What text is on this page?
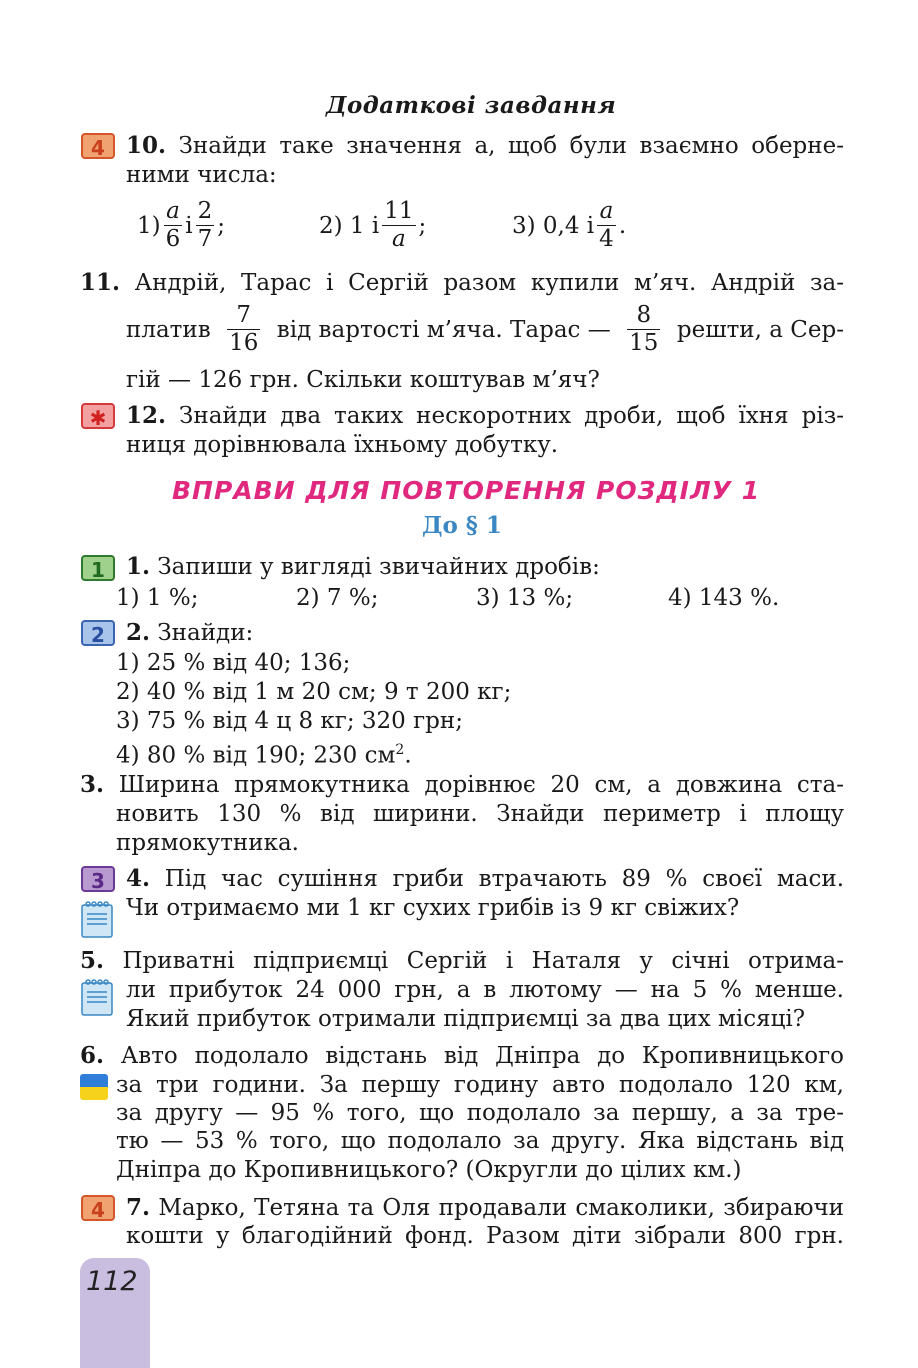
Додаткові завдання
4 10. Знайди таке значення a, щоб були взаємно оберне-
ними числа:
$1) \frac{a}{6}$ і $\frac{2}{7}$ ;	2) 1 і $\frac{11}{a}$ ;	3) 0,4 і $\frac{a}{4}$ .
11. Андрій, Тарас і Сергій разом купили м’яч. Андрій за-
платив $\frac{7}{16}$ від вартості м’яча. Тарас — $\frac{8}{15}$ решти, а Сер-
гій — 126 грн. Скільки коштував м’яч?
✱ 12. Знайди два таких нескоротних дроби, щоб їхня різ-
ниця дорівнювала їхньому добутку.
ВПРАВИ ДЛЯ ПОВТОРЕННЯ РОЗДІЛУ 1
До § 1
1 1. Запиши у вигляді звичайних дробів:
1) 1 %;	2) 7 %;	3) 13 %;	4) 143 %.
2 2. Знайди:
1) 25 % від 40; 136;
2) 40 % від 1 м 20 см; 9 т 200 кг;
3) 75 % від 4 ц 8 кг; 320 грн;
4) 80 % від 190; 230 $см^2$.
3. Ширина прямокутника дорівнює 20 см, а довжина ста-
новить 130 % від ширини. Знайди периметр і площу
прямокутника.
3 4. Під час сушіння гриби втрачають 89 % своєї маси.
Чи отримаємо ми 1 кг сухих грибів із 9 кг свіжих?
5. Приватні підприємці Сергій і Наталя у січні отрима-
ли прибуток 24 000 грн, а в лютому — на 5 % менше.
Який прибуток отримали підприємці за два цих місяці?
6. Авто подолало відстань від Дніпра до Кропивницького
за три години. За першу годину авто подолало 120 км,
за другу — 95 % того, що подолало за першу, а за тре-
тю — 53 % того, що подолало за другу. Яка відстань від
Дніпра до Кропивницького? (Округли до цілих км.)
4 7. Марко, Тетяна та Оля продавали смаколики, збираючи
кошти у благодійний фонд. Разом діти зібрали 800 грн.
112
